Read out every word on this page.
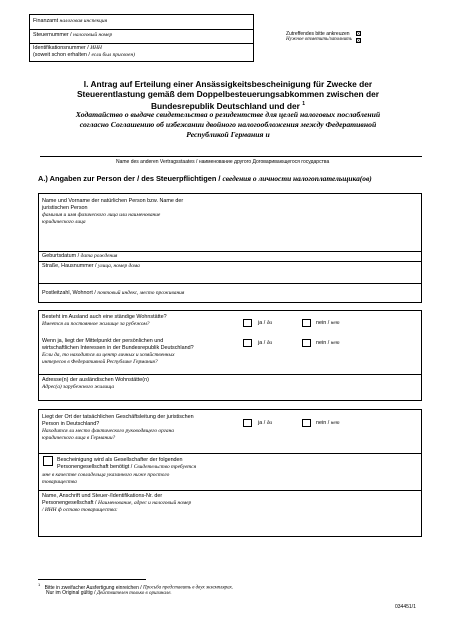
Finanzamt налоговая инспекция
Steuernummer / налоговый номер
Identifikationsnummer / ИНН
(soweit schon erhalten / если был присвоен)
Zutreffendes bitte ankreuzen
Нужное отметить/заполнить
X
X
I. Antrag auf Erteilung einer Ansässigkeitsbescheinigung für Zwecke der
Steuerentlastung gemäß dem Doppelbesteuerungsabkommen zwischen der
Bundesrepublik Deutschland und der $^1$
Ходатайство о выдаче свидетельства о резидентстве для целей налоговых послаблений
согласно Соглашению об избежании двойного налогообложения между Федеративной
Республикой Германия и
Name des anderen Vertragsstaates / наименование другого Договаривающегося государства
A.) Angaben zur Person der / des Steuerpflichtigen / сведения о личности налогоплательщика(ов)
Name und Vorname der natürlichen Person bzw. Name der
juristischen Person
фамилия и имя физического лица или наименование
юридического лица
Geburtsdatum / дата рождения
Straße, Hausnummer / улица, номер дома
Postleitzahl, Wohnort / почтовый индекс, место проживания
Besteht im Ausland auch eine ständige Wohnstätte?
Имеется ли постоянное жилище за рубежом?	ja / да	nein / нет
Wenn ja, liegt der Mittelpunkt der persönlichen und
wirtschaftlichen Interessen in der Bundesrepublik Deutschland?
Если да, то находится ли центр личных и хозяйственных
интересов в Федеративной Республике Германия?
ja / да	nein / нет
Adresse(n) der ausländischen Wohnstätte(n)
Адрес(а) зарубежного жилища
Liegt der Ort der tatsächlichen Geschäftsleitung der juristischen
Person in Deutschland?
Находится ли место фактического руководящего органа
юридического лица в Германии?
ja / да	nein / нет
Bescheinigung wird als Gesellschafter der folgenden
Personengesellschaft benötigt / Свидетельство требуется
мне в качестве совладельца указанного ниже простого
товарищества
Name, Anschrift und Steuer-/Identifikations-Nr. der
Personengesellschaft / Наименование, адрес и налоговый номер
/ ИНН ф оставо товарищества:
$^1$ Bitte in zweifacher Ausfertigung einreichen / Просьба представить в двух экземплярах.
Nur im Original gültig / Действителен только в оригинале.
034451/1
